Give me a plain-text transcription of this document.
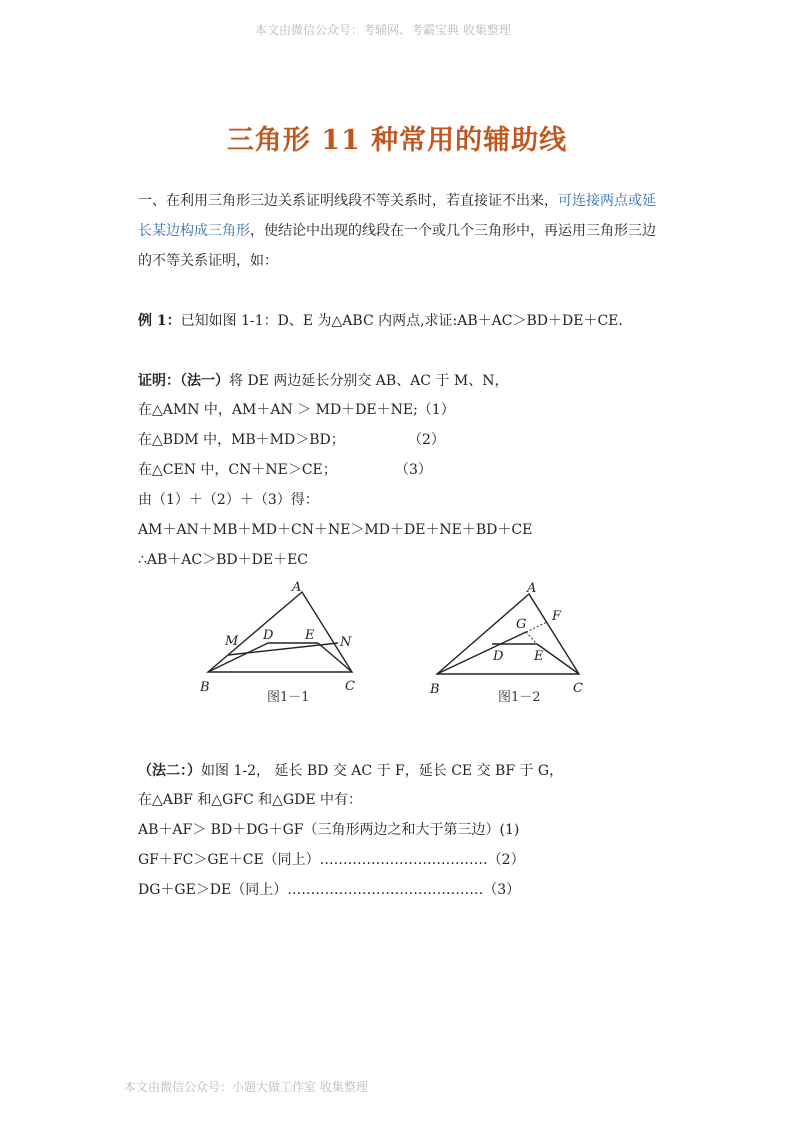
本文由微信公众号：考辅网、考霸宝典 收集整理
三角形 11 种常用的辅助线
一、在利用三角形三边关系证明线段不等关系时，若直接证不出来，可连接两点或延长某边构成三角形，使结论中出现的线段在一个或几个三角形中，再运用三角形三边的不等关系证明，如：
例 1：已知如图 1-1：D、E 为△ABC 内两点,求证:AB＋AC＞BD＋DE＋CE.
证明：（法一）将 DE 两边延长分别交 AB、AC 于 M、N，
在△AMN 中，AM＋AN ＞ MD＋DE＋NE;（1）
在△BDM 中，MB＋MD＞BD；	（2）
在△CEN 中，CN＋NE＞CE；	（3）
由（1）＋（2）＋（3）得：
AM＋AN＋MB＋MD＋CN＋NE＞MD＋DE＋NE＋BD＋CE
∴AB＋AC＞BD＋DE＋EC
A
M D E N
B	C
图1－1
A
F
G
D E
B	C
图1－2
（法二：）如图 1-2， 延长 BD 交 AC 于 F，延长 CE 交 BF 于 G，
在△ABF 和△GFC 和△GDE 中有：
AB＋AF＞ BD＋DG＋GF（三角形两边之和大于第三边）(1)
GF＋FC＞GE＋CE（同上）………………………………（2）
DG＋GE＞DE（同上）……………………………………（3）
本文由微信公众号：小题大做工作室 收集整理
